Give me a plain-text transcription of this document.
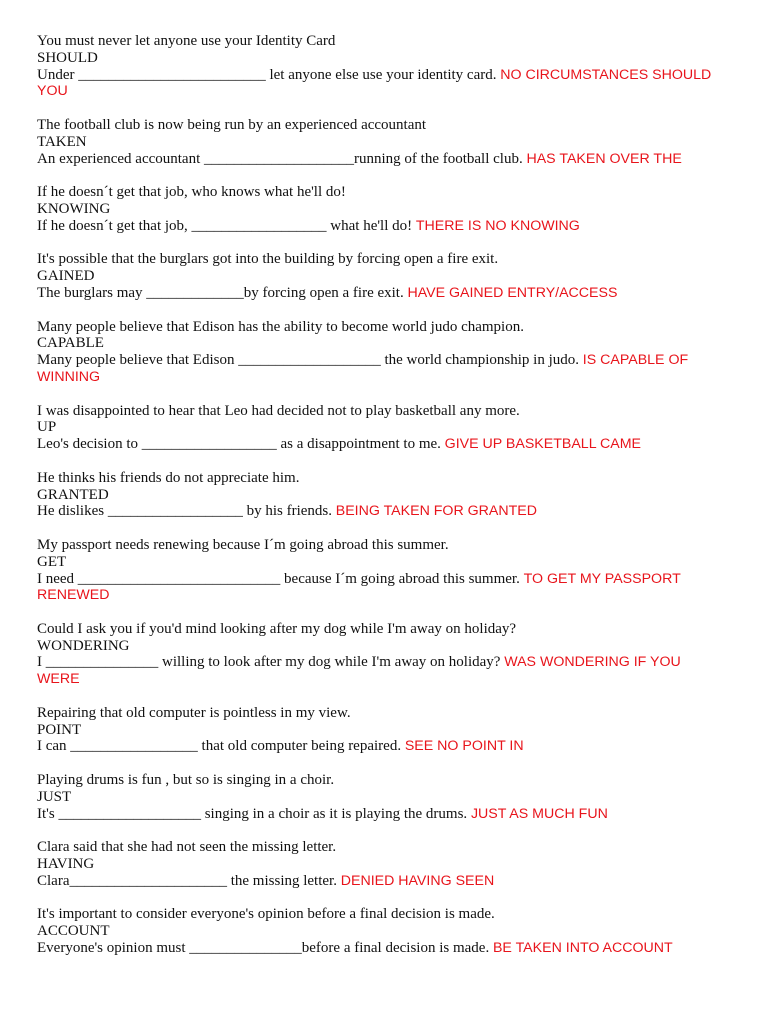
You must never let anyone use your Identity Card
SHOULD
Under _________________________ let anyone else use your identity card. NO CIRCUMSTANCES SHOULD YOU
The football club is now being run by an experienced accountant
TAKEN
An experienced accountant ____________________running of the football club. HAS TAKEN OVER THE
If he doesn´t get that job, who knows what he'll do!
KNOWING
If he doesn´t get that job, __________________ what he'll do! THERE IS NO KNOWING
It's possible that the burglars got into the building by forcing open a fire exit.
GAINED
The burglars may _____________by forcing open a fire exit. HAVE GAINED ENTRY/ACCESS
Many people believe that Edison has the ability to become world judo champion.
CAPABLE
Many people believe that Edison ___________________ the world championship in judo. IS CAPABLE OF WINNING
I was disappointed to hear that Leo had decided not to play basketball any more.
UP
Leo's decision to __________________ as a disappointment to me. GIVE UP BASKETBALL CAME
He thinks his friends do not appreciate him.
GRANTED
He dislikes __________________ by his friends. BEING TAKEN FOR GRANTED
My passport needs renewing because I´m going abroad this summer.
GET
I need ___________________________ because I´m going abroad this summer. TO GET MY PASSPORT RENEWED
Could I ask you if you'd mind looking after my dog while I'm away on holiday?
WONDERING
I _______________ willing to look after my dog while I'm away on holiday? WAS WONDERING IF YOU WERE
Repairing that old computer is pointless in my view.
POINT
I can _________________ that old computer being repaired. SEE NO POINT IN
Playing drums is fun , but so is singing in a choir.
JUST
It's ___________________ singing in a choir as it is playing the drums. JUST AS MUCH FUN
Clara said that she had not seen the missing letter.
HAVING
Clara_____________________ the missing letter. DENIED HAVING SEEN
It's important to consider everyone's opinion before a final decision is made.
ACCOUNT
Everyone's opinion must _______________before a final decision is made. BE TAKEN INTO ACCOUNT
